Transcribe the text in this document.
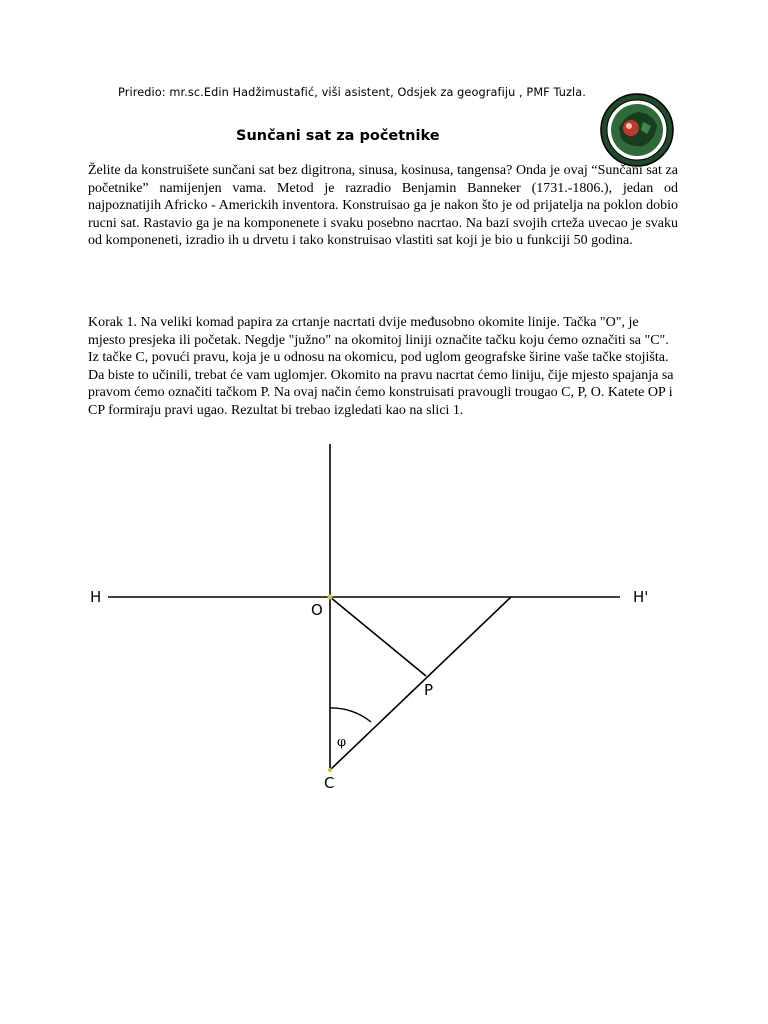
Priredio: mr.sc.Edin Hadžimustafić, viši asistent, Odsjek za geografiju , PMF Tuzla.
Sunčani sat za početnike

Želite da konstruišete sunčani sat bez digitrona, sinusa, kosinusa, tangensa? Onda je ovaj “Sunčani sat za početnike” namijenjen vama. Metod je razradio Benjamin Banneker (1731.-1806.), jedan od najpoznatijih Africko - Americkih inventora. Konstruisao ga je nakon što je od prijatelja na poklon dobio rucni sat. Rastavio ga je na komponenete i svaku posebno nacrtao. Na bazi svojih crteža uvecao je svaku od komponeneti, izradio ih u drvetu i tako konstruisao vlastiti sat koji je bio u funkciji 50 godina.

Korak 1. Na veliki komad papira za crtanje nacrtati dvije međusobno okomite linije. Tačka "O", je mjesto presjeka ili početak. Negdje "južno" na okomitoj liniji označite tačku koju ćemo označiti sa "C". Iz tačke C, povući pravu, koja je u odnosu na okomicu, pod uglom geografske širine vaše tačke stojišta. Da biste to učinili, trebat će vam uglomjer. Okomito na pravu nacrtat ćemo liniju, čije mjesto spajanja sa pravom ćemo označiti tačkom P. Na ovaj način ćemo konstruisati pravougli trougao C, P, O. Katete OP i CP formiraju pravi ugao. Rezultat bi trebao izgledati kao na slici 1.

H	H'
O
P
C
φ
